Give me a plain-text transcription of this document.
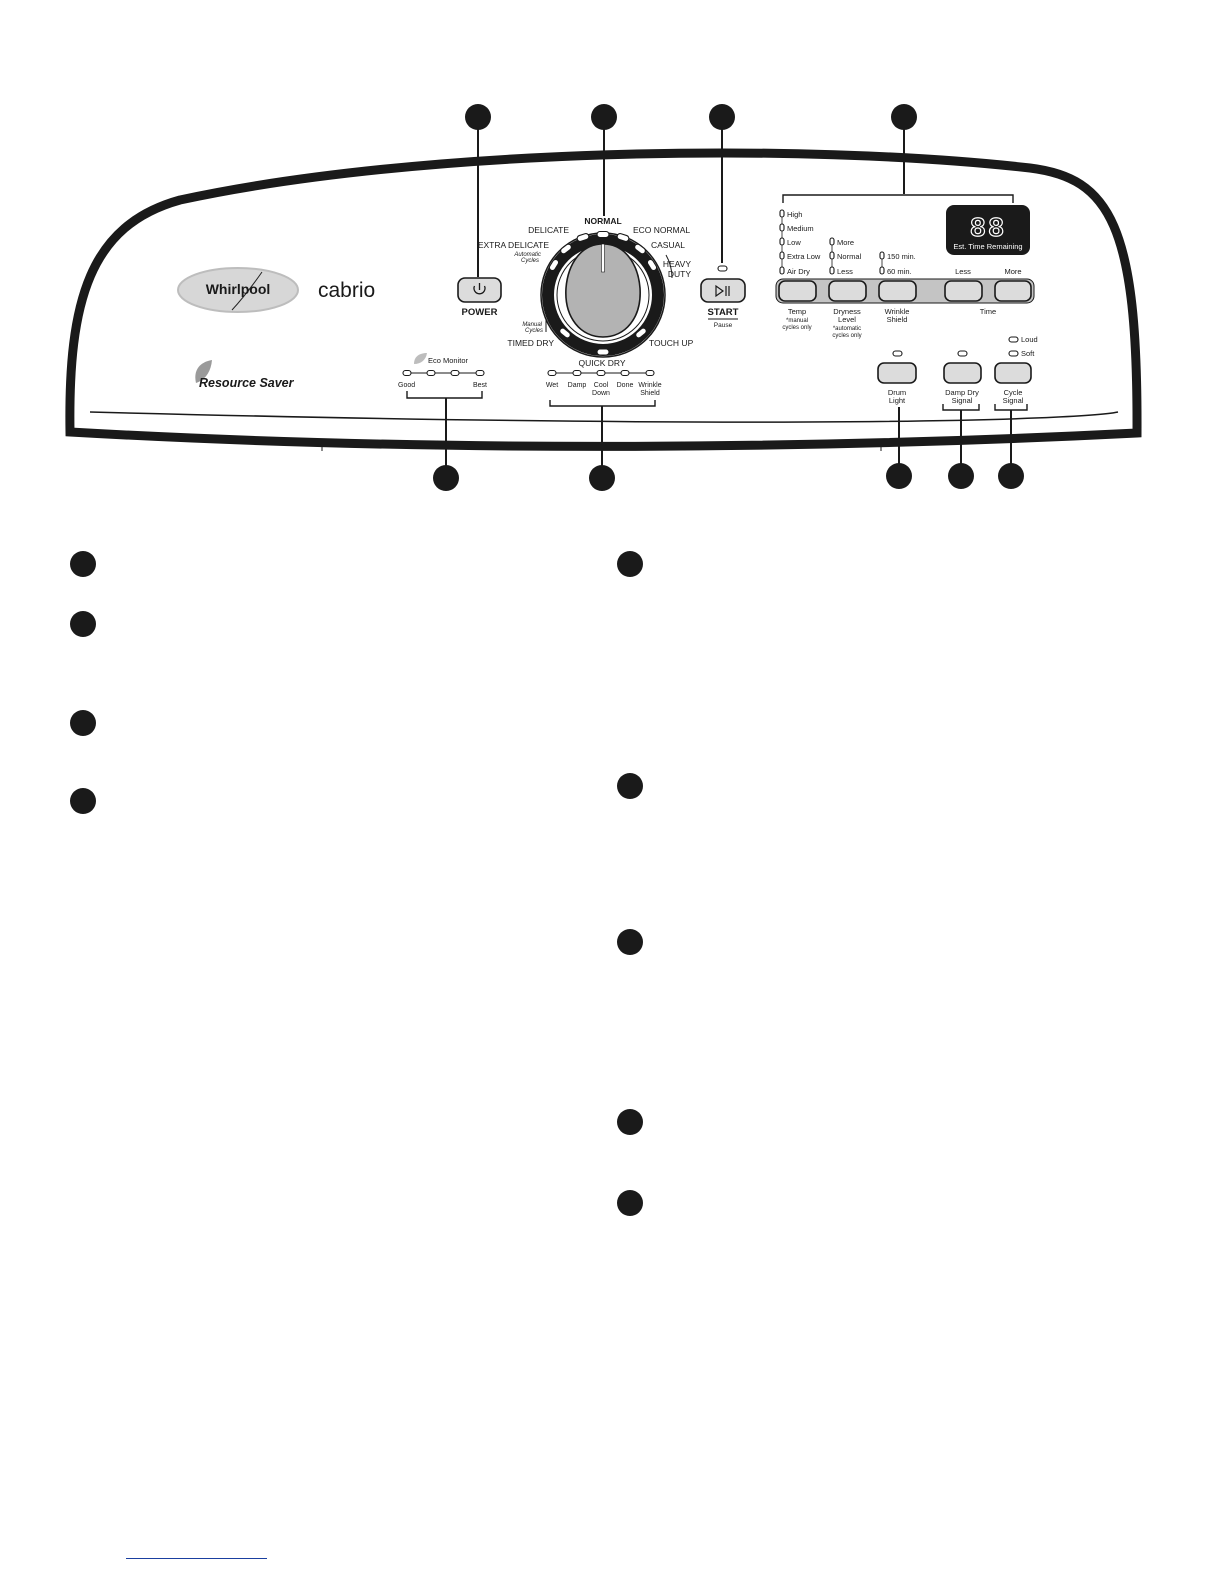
Whirlpool cabrio
Resource Saver
Eco Monitor
Good	Best
POWER
NORMAL
DELICATE	ECO NORMAL
EXTRA DELICATE	CASUAL
Automatic
Cycles	HEAVY
DUTY
Manual
Cycles
TIMED DRY	TOUCH UP
QUICK DRY
Wet Damp Cool
Down
Done Wrinkle
Shield
START
Pause
High
Medium
Low
Extra Low
Air Dry
More
Normal
Less
150 min.
60 min.	Less	More
88
Est. Time Remaining
Temp
*manual
cycles only
Dryness
Level
*automatic
cycles only
Wrinkle
Shield
Time
Drum
Light
Damp Dry
Signal
Loud
Soft
Cycle
Signal
